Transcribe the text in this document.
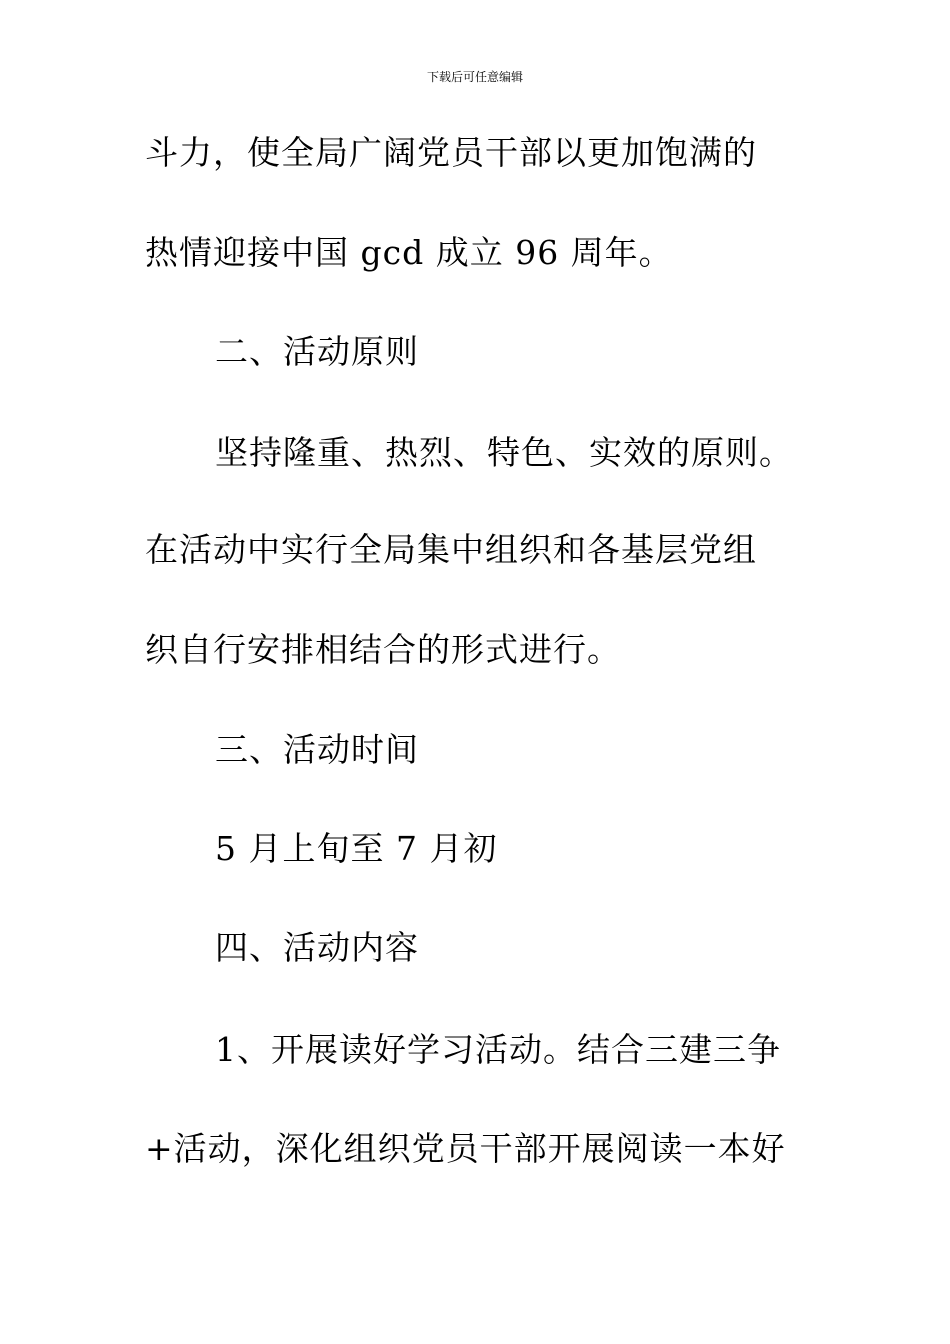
下载后可任意编辑
斗力，使全局广阔党员干部以更加饱满的
热情迎接中国 gcd 成立 96 周年。
二、活动原则
坚持隆重、热烈、特色、实效的原则。
在活动中实行全局集中组织和各基层党组
织自行安排相结合的形式进行。
三、活动时间
5 月上旬至 7 月初
四、活动内容
1、开展读好学习活动。结合三建三争
+活动，深化组织党员干部开展阅读一本好
